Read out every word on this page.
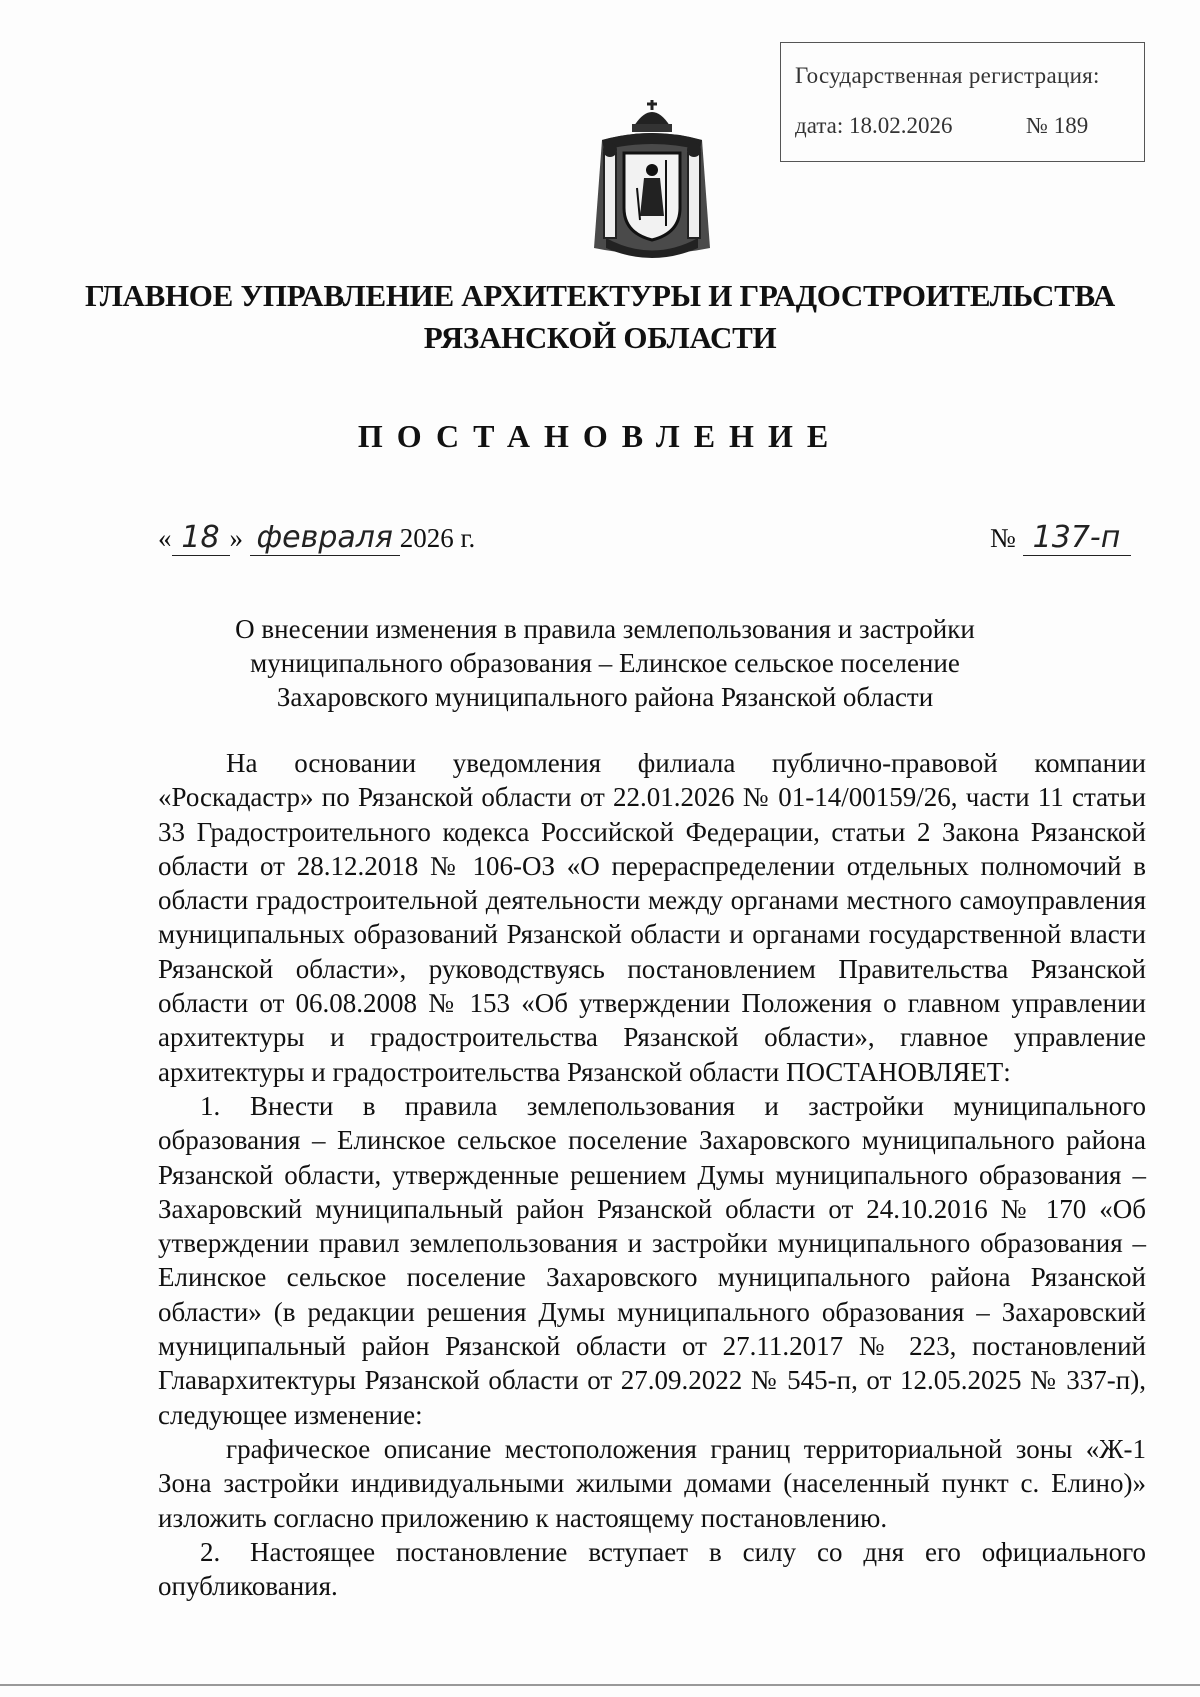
Государственная регистрация:
дата: 18.02.2026	№ 189
ГЛАВНОЕ УПРАВЛЕНИЕ АРХИТЕКТУРЫ И ГРАДОСТРОИТЕЛЬСТВА
РЯЗАНСКОЙ ОБЛАСТИ
ПОСТАНОВЛЕНИЕ
« 18 » февраля 2026 г.	№ 137-п
О внесении изменения в правила землепользования и застройки
муниципального образования – Елинское сельское поселение
Захаровского муниципального района Рязанской области

На основании уведомления филиала публично-правовой компании «Роскадастр» по Рязанской области от 22.01.2026 № 01-14/00159/26, части 11 статьи 33 Градостроительного кодекса Российской Федерации, статьи 2 Закона Рязанской области от 28.12.2018 № 106-ОЗ «О перераспределении отдельных полномочий в области градостроительной деятельности между органами местного самоуправления муниципальных образований Рязанской области и органами государственной власти Рязанской области», руководствуясь постановлением Правительства Рязанской области от 06.08.2008 № 153 «Об утверждении Положения о главном управлении архитектуры и градостроительства Рязанской области», главное управление архитектуры и градостроительства Рязанской области ПОСТАНОВЛЯЕТ:

1. Внести в правила землепользования и застройки муниципального образования – Елинское сельское поселение Захаровского муниципального района Рязанской области, утвержденные решением Думы муниципального образования – Захаровский муниципальный район Рязанской области от 24.10.2016 № 170 «Об утверждении правил землепользования и застройки муниципального образования – Елинское сельское поселение Захаровского муниципального района Рязанской области» (в редакции решения Думы муниципального образования – Захаровский муниципальный район Рязанской области от 27.11.2017 № 223, постановлений Главархитектуры Рязанской области от 27.09.2022 № 545-п, от 12.05.2025 № 337-п), следующее изменение:

графическое описание местоположения границ территориальной зоны «Ж-1 Зона застройки индивидуальными жилыми домами (населенный пункт с. Елино)» изложить согласно приложению к настоящему постановлению.

2. Настоящее постановление вступает в силу со дня его официального опубликования.
